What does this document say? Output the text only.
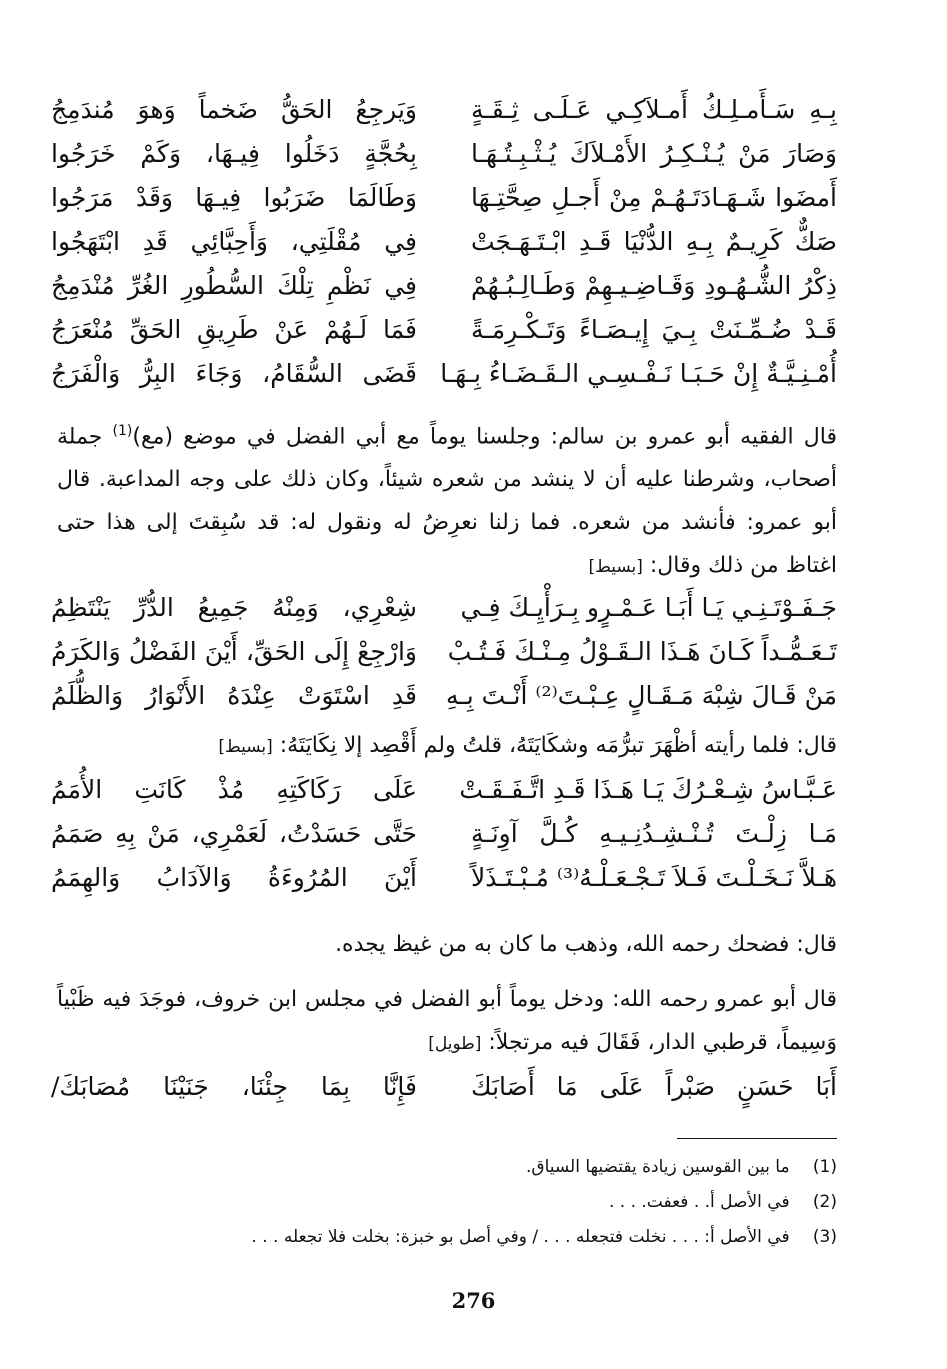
بِـهِ سَـأَمـلِـكُ أَمـلاَكِـي عَـلَـى ثِـقَـةٍ
وَيَرجِعُ الحَقُّ ضَخماً وَهوَ مُندَمِجُ
وَصَارَ مَنْ يُـنْـكِـرُ الأَمْـلاَكَ يُـثْـبِـتُـهَـا
بِحُجَّةٍ دَخَلُوا فِيـهَا، وَكَمْ خَرَجُوا
أَمضَوا شَـهَـادَتَـهُـمْ مِنْ أَجـلِ صِحَّتِـهَا
وَطَالَمَا ضَرَبُوا فِيـهَا وَقَدْ مَرَجُوا
صَكٌّ كَرِيـمٌ بِـهِ الدُّنْيَا قَـدِ ابْـتَـهَـجَتْ
فِي مُقْلَتِي، وَأَحِبَّائِي قَدِ ابْتَهَجُوا
ذِكْرُ الشُّـهُـودِ وَقَـاضِـيـهِمْ وَطَـالِـبُـهُمْ
فِي نَظْمِ تِلْكَ السُّطُورِ الغُرِّ مُنْدَمِجُ
قَـدْ ضُـمِّـنَتْ بِـيَ إِيـصَـاءً وَتَـكْـرِمَـةً
فَمَا لَـهُمْ عَنْ طَرِيقِ الحَقِّ مُنْعَرَجُ
أُمْـنِـيَّـةٌ إِنْ حَـبَـا نَـفْـسِـي الـقَـضَـاءُ بِـهَـا
قَضَى السُّقَامُ، وَجَاءَ البِرُّ وَالْفَرَجُ

قال الفقيه أبو عمرو بن سالم: وجلسنا يوماً مع أبي الفضل في موضع (مع)$^{(1)}$ جملة أصحاب، وشرطنا عليه أن لا ينشد من شعره شيئاً، وكان ذلك على وجه المداعبة. قال أبو عمرو: فأنشد من شعره. فما زلنا نعرِضُ له ونقول له: قد سُبِقتَ إلى هذا حتى اغتاظ من ذلك وقال: [بسيط]

جَـفَـوْتَـنِـي يَـا أَبَـا عَـمْـرٍو بِـرَأْيِـكَ فِـي
شِعْرِي، وَمِنْهُ جَمِيعُ الدُّرِّ يَنْتَظِمُ
تَـعَـمُّـداً كَـانَ هَـذَا الـقَـوْلُ مِـنْـكَ فَـتُـبْ
وَارْجِعْ إِلَى الحَقِّ، أَيْنَ الفَضْلُ وَالكَرَمُ
مَنْ قَـالَ شِبْهَ مَـقَـالٍ عِـبْـتَ⁽²⁾ أَنْـتَ بِـهِ
قَدِ اسْتَوَتْ عِنْدَهُ الأَنْوَارُ وَالظُّلَمُ

قال: فلما رأيته أظْهَرَ تبرُّمَه وشكَايَتَهُ، قلتُ ولم أَقْصِد إلا نِكَايَتَهُ: [بسيط]

عَـبَّـاسُ شِـعْـرُكَ يَـا هَـذَا قَـدِ اتَّـفَـقَـتْ
عَلَى رَكَاكَتِهِ مُذْ كَانَتِ الأُمَمُ
مَـا زِلْـتَ تُـنْـشِـدُنِـيـهِ كُـلَّ آوِنَـةٍ
حَتَّى حَسَدْتُ، لَعَمْرِي، مَنْ بِهِ صَمَمُ
هَـلاَّ نَـخَـلْـتَ فَـلاَ تَـجْـعَـلْـهُ⁽³⁾ مُـبْـتَـذَلاً
أَيْنَ المُرُوءَةُ وَالآدَابُ وَالهِمَمُ

قال: فضحك رحمه الله، وذهب ما كان به من غيظ يجده.

قال أبو عمرو رحمه الله: ودخل يوماً أبو الفضل في مجلس ابن خروف، فوجَدَ فيه ظَبْياً وَسِيماً، قرطبي الدار، فَقَالَ فيه مرتجلاً: [طويل]

أَبَا حَسَنٍ صَبْراً عَلَى مَا أَصَابَكَ
فَإِنَّا بِمَا جِئْنَا، جَنَيْنَا مُصَابَكَ/
(1) ما بين القوسين زيادة يقتضيها السياق.
(2) في الأصل أ. . فعفت. . . .
(3) في الأصل أ: . . . نخلت فتجعله . . . / وفي أصل بو خبزة: بخلت فلا تجعله . . .
276
